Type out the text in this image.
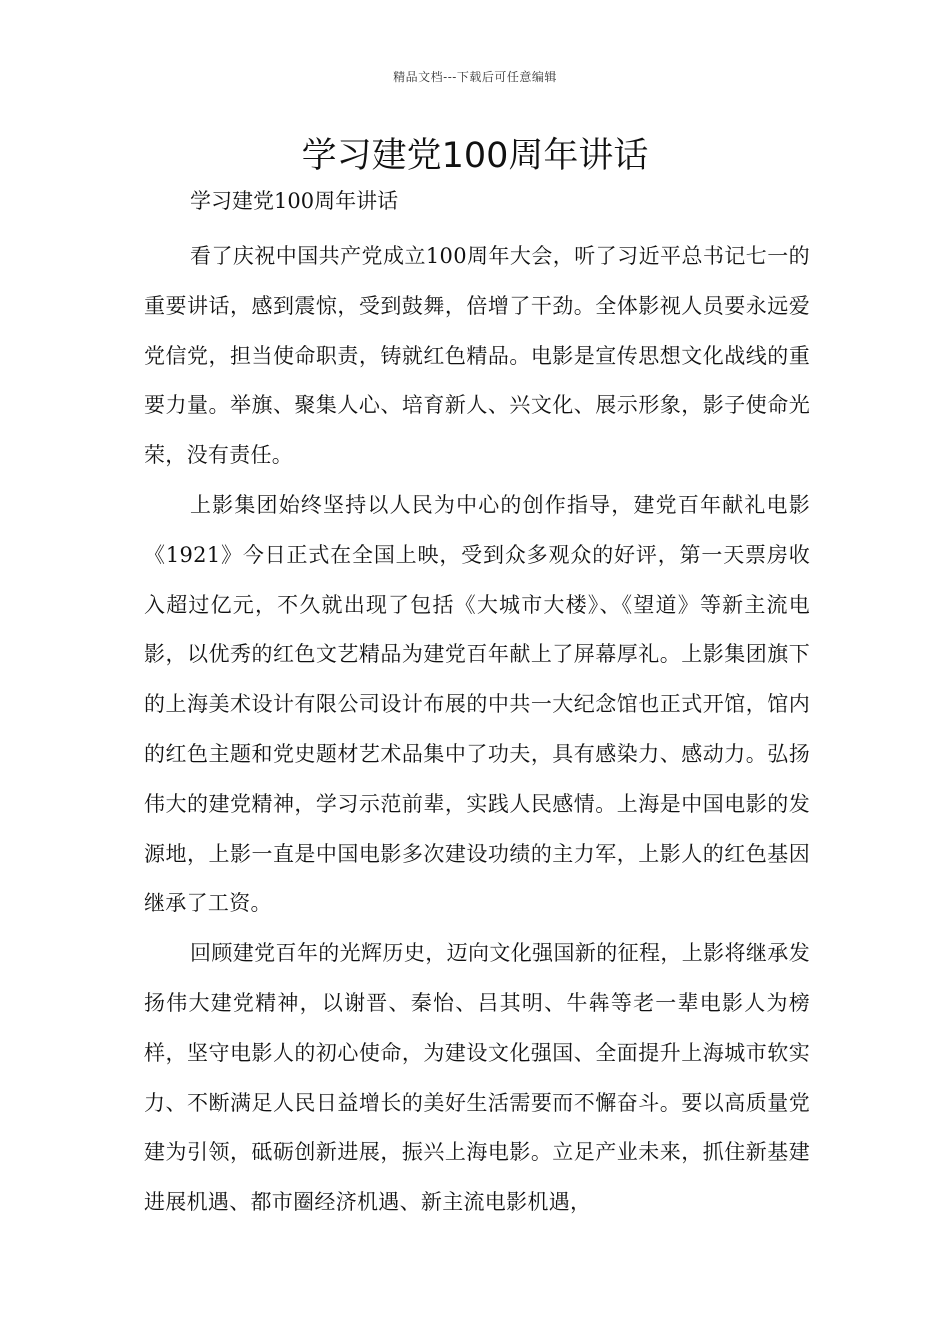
精品文档---下载后可任意编辑
学习建党100周年讲话
学习建党100周年讲话

看了庆祝中国共产党成立100周年大会，听了习近平总书记七一的重要讲话，感到震惊，受到鼓舞，倍增了干劲。全体影视人员要永远爱党信党，担当使命职责，铸就红色精品。电影是宣传思想文化战线的重要力量。举旗、聚集人心、培育新人、兴文化、展示形象，影子使命光荣，没有责任。

上影集团始终坚持以人民为中心的创作指导，建党百年献礼电影《1921》今日正式在全国上映，受到众多观众的好评，第一天票房收入超过亿元，不久就出现了包括《大城市大楼》、《望道》等新主流电影，以优秀的红色文艺精品为建党百年献上了屏幕厚礼。上影集团旗下的上海美术设计有限公司设计布展的中共一大纪念馆也正式开馆，馆内的红色主题和党史题材艺术品集中了功夫，具有感染力、感动力。弘扬伟大的建党精神，学习示范前辈，实践人民感情。上海是中国电影的发源地，上影一直是中国电影多次建设功绩的主力军，上影人的红色基因继承了工资。

回顾建党百年的光辉历史，迈向文化强国新的征程，上影将继承发扬伟大建党精神，以谢晋、秦怡、吕其明、牛犇等老一辈电影人为榜样，坚守电影人的初心使命，为建设文化强国、全面提升上海城市软实力、不断满足人民日益增长的美好生活需要而不懈奋斗。要以高质量党建为引领，砥砺创新进展，振兴上海电影。立足产业未来，抓住新基建进展机遇、都市圈经济机遇、新主流电影机遇，
